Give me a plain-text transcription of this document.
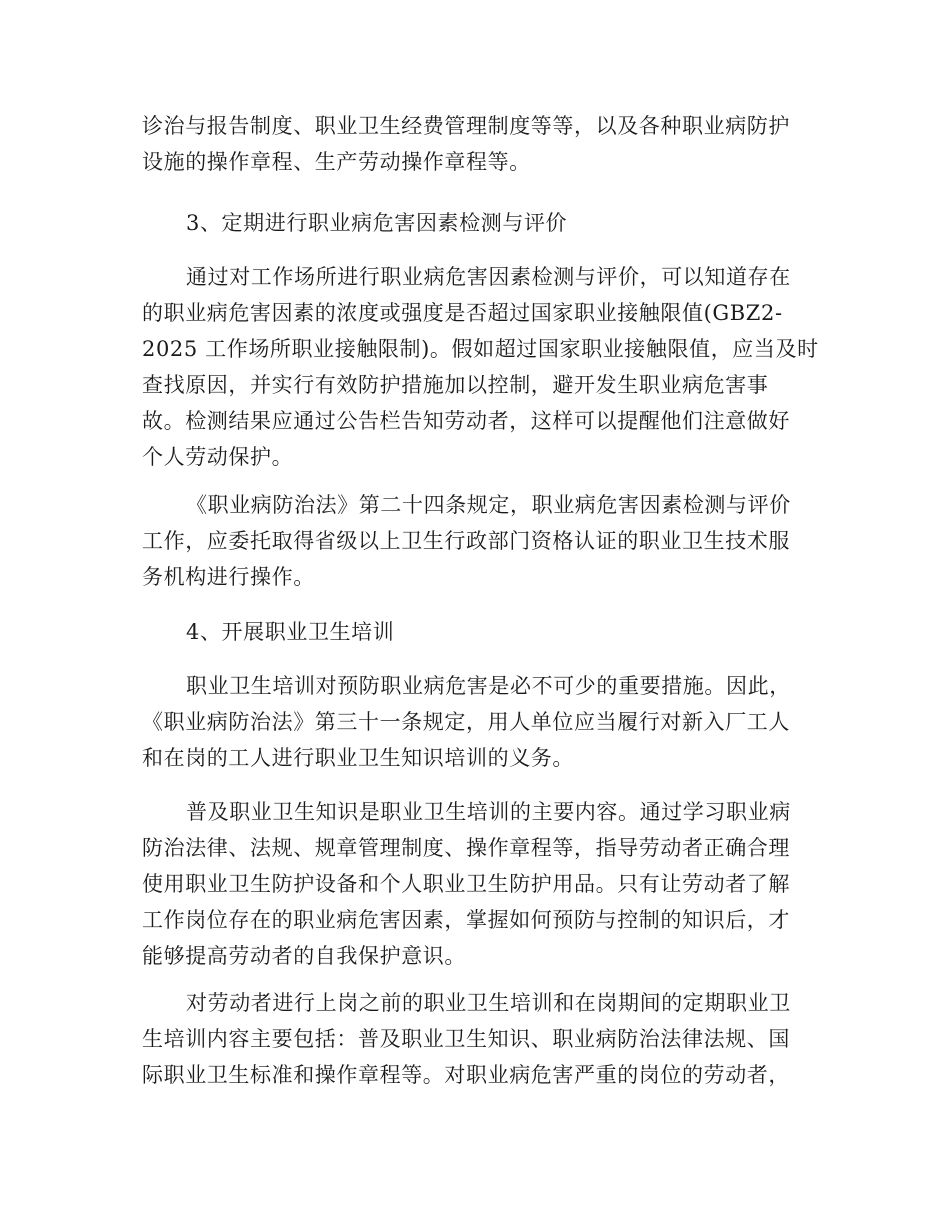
诊治与报告制度、职业卫生经费管理制度等等，以及各种职业病防护
设施的操作章程、生产劳动操作章程等。
3、定期进行职业病危害因素检测与评价
通过对工作场所进行职业病危害因素检测与评价，可以知道存在
的职业病危害因素的浓度或强度是否超过国家职业接触限值(GBZ2-
2025 工作场所职业接触限制)。假如超过国家职业接触限值，应当及时
查找原因，并实行有效防护措施加以控制，避开发生职业病危害事
故。检测结果应通过公告栏告知劳动者，这样可以提醒他们注意做好
个人劳动保护。
《职业病防治法》第二十四条规定，职业病危害因素检测与评价
工作，应委托取得省级以上卫生行政部门资格认证的职业卫生技术服
务机构进行操作。
4、开展职业卫生培训
职业卫生培训对预防职业病危害是必不可少的重要措施。因此，
《职业病防治法》第三十一条规定，用人单位应当履行对新入厂工人
和在岗的工人进行职业卫生知识培训的义务。
普及职业卫生知识是职业卫生培训的主要内容。通过学习职业病
防治法律、法规、规章管理制度、操作章程等，指导劳动者正确合理
使用职业卫生防护设备和个人职业卫生防护用品。只有让劳动者了解
工作岗位存在的职业病危害因素，掌握如何预防与控制的知识后，才
能够提高劳动者的自我保护意识。
对劳动者进行上岗之前的职业卫生培训和在岗期间的定期职业卫
生培训内容主要包括：普及职业卫生知识、职业病防治法律法规、国
际职业卫生标准和操作章程等。对职业病危害严重的岗位的劳动者，
